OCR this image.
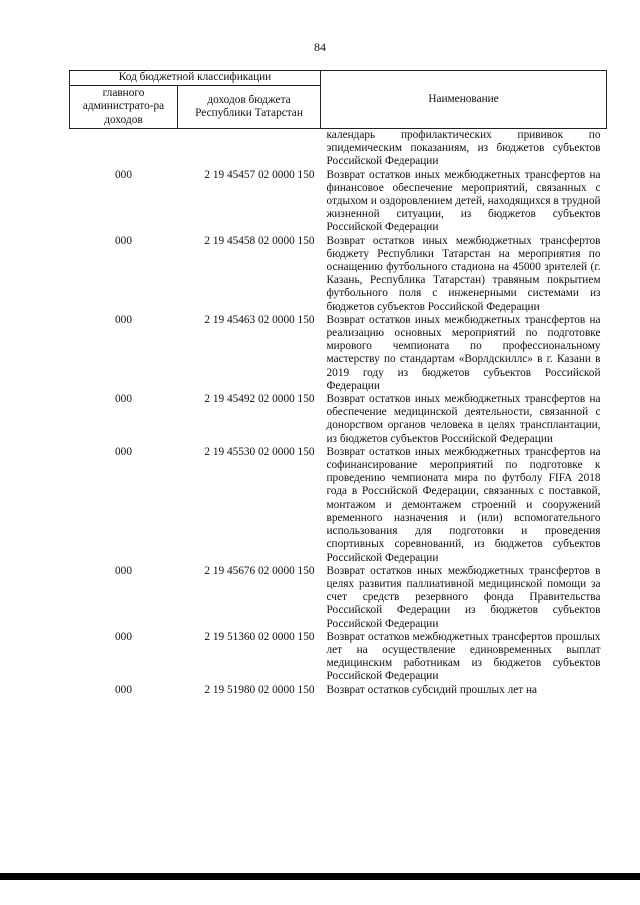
84
Код бюджетной классификации		Наименование
главного администрато-ра доходов	доходов бюджета Республики Татарстан	
		календарь профилактических прививок по эпидемическим показаниям, из бюджетов субъектов Российской Федерации
000	2 19 45457 02 0000 150	Возврат остатков иных межбюджетных трансфертов на финансовое обеспечение мероприятий, связанных с отдыхом и оздоровлением детей, находящихся в трудной жизненной ситуации, из бюджетов субъектов Российской Федерации
000	2 19 45458 02 0000 150	Возврат остатков иных межбюджетных трансфертов бюджету Республики Татарстан на мероприятия по оснащению футбольного стадиона на 45000 зрителей (г. Казань, Республика Татарстан) травяным покрытием футбольного поля с инженерными системами из бюджетов субъектов Российской Федерации
000	2 19 45463 02 0000 150	Возврат остатков иных межбюджетных трансфертов на реализацию основных мероприятий по подготовке мирового чемпионата по профессиональному мастерству по стандартам «Ворлдскиллс» в г. Казани в 2019 году из бюджетов субъектов Российской Федерации
000	2 19 45492 02 0000 150	Возврат остатков иных межбюджетных трансфертов на обеспечение медицинской деятельности, связанной с донорством органов человека в целях трансплантации, из бюджетов субъектов Российской Федерации
000	2 19 45530 02 0000 150	Возврат остатков иных межбюджетных трансфертов на софинансирование мероприятий по подготовке к проведению чемпионата мира по футболу FIFA 2018 года в Российской Федерации, связанных с поставкой, монтажом и демонтажем строений и сооружений временного назначения и (или) вспомогательного использования для подготовки и проведения спортивных соревнований, из бюджетов субъектов Российской Федерации
000	2 19 45676 02 0000 150	Возврат остатков иных межбюджетных трансфертов в целях развития паллиативной медицинской помощи за счет средств резервного фонда Правительства Российской Федерации из бюджетов субъектов Российской Федерации
000	2 19 51360 02 0000 150	Возврат остатков межбюджетных трансфертов прошлых лет на осуществление единовременных выплат медицинским работникам из бюджетов субъектов Российской Федерации
000	2 19 51980 02 0000 150	Возврат остатков субсидий прошлых лет на
